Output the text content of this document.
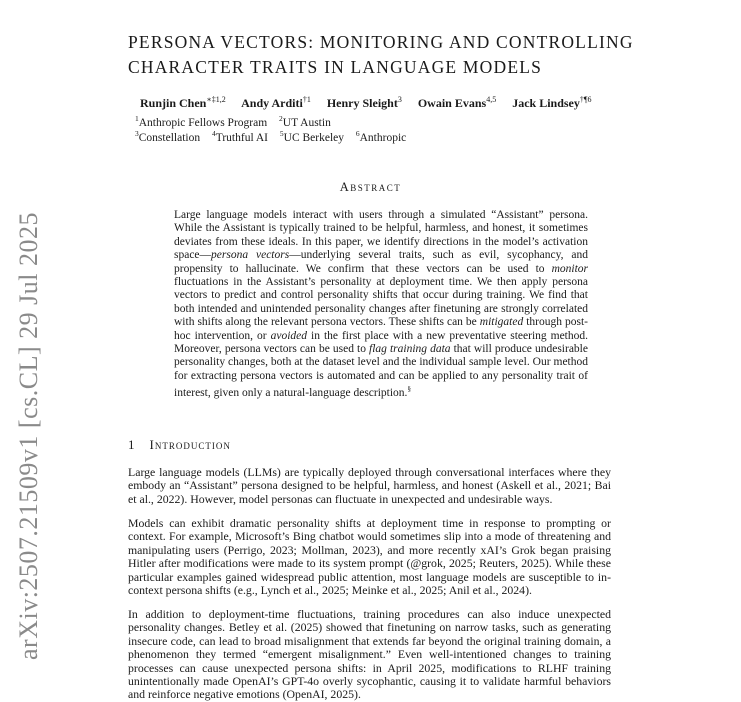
arXiv:2507.21509v1 [cs.CL] 29 Jul 2025
PERSONA VECTORS: MONITORING AND CONTROLLING
CHARACTER TRAITS IN LANGUAGE MODELS
Runjin Chen$^{∗\ddagger 1,2}$ Andy Arditi$^{\dagger 1}$ Henry Sleight$^3$ Owain Evans$^{4,5}$ Jack Lindsey$^{\dagger\P 6}$
$^1$Anthropic Fellows Program $^2$UT Austin
$^3$Constellation $^4$Truthful AI $^5$UC Berkeley $^6$Anthropic
Abstract

Large language models interact with users through a simulated “Assistant” persona. While the Assistant is typically trained to be helpful, harmless, and honest, it sometimes deviates from these ideals. In this paper, we identify directions in the model’s activation space—persona vectors—underlying several traits, such as evil, sycophancy, and propensity to hallucinate. We confirm that these vectors can be used to monitor fluctuations in the Assistant’s personality at deployment time. We then apply persona vectors to predict and control personality shifts that occur during training. We find that both intended and unintended personality changes after finetuning are strongly correlated with shifts along the relevant persona vectors. These shifts can be mitigated through post-hoc intervention, or avoided in the first place with a new preventative steering method. Moreover, persona vectors can be used to flag training data that will produce undesirable personality changes, both at the dataset level and the individual sample level. Our method for extracting persona vectors is automated and can be applied to any personality trait of interest, given only a natural-language description.§

1 Introduction

Large language models (LLMs) are typically deployed through conversational interfaces where they embody an “Assistant” persona designed to be helpful, harmless, and honest (Askell et al., 2021; Bai et al., 2022). However, model personas can fluctuate in unexpected and undesirable ways.

Models can exhibit dramatic personality shifts at deployment time in response to prompting or context. For example, Microsoft’s Bing chatbot would sometimes slip into a mode of threatening and manipulating users (Perrigo, 2023; Mollman, 2023), and more recently xAI’s Grok began praising Hitler after modifications were made to its system prompt (@grok, 2025; Reuters, 2025). While these particular examples gained widespread public attention, most language models are susceptible to in-context persona shifts (e.g., Lynch et al., 2025; Meinke et al., 2025; Anil et al., 2024).

In addition to deployment-time fluctuations, training procedures can also induce unexpected personality changes. Betley et al. (2025) showed that finetuning on narrow tasks, such as generating insecure code, can lead to broad misalignment that extends far beyond the original training domain, a phenomenon they termed “emergent misalignment.” Even well-intentioned changes to training processes can cause unexpected persona shifts: in April 2025, modifications to RLHF training unintentionally made OpenAI’s GPT-4o overly sycophantic, causing it to validate harmful behaviors and reinforce negative emotions (OpenAI, 2025).
